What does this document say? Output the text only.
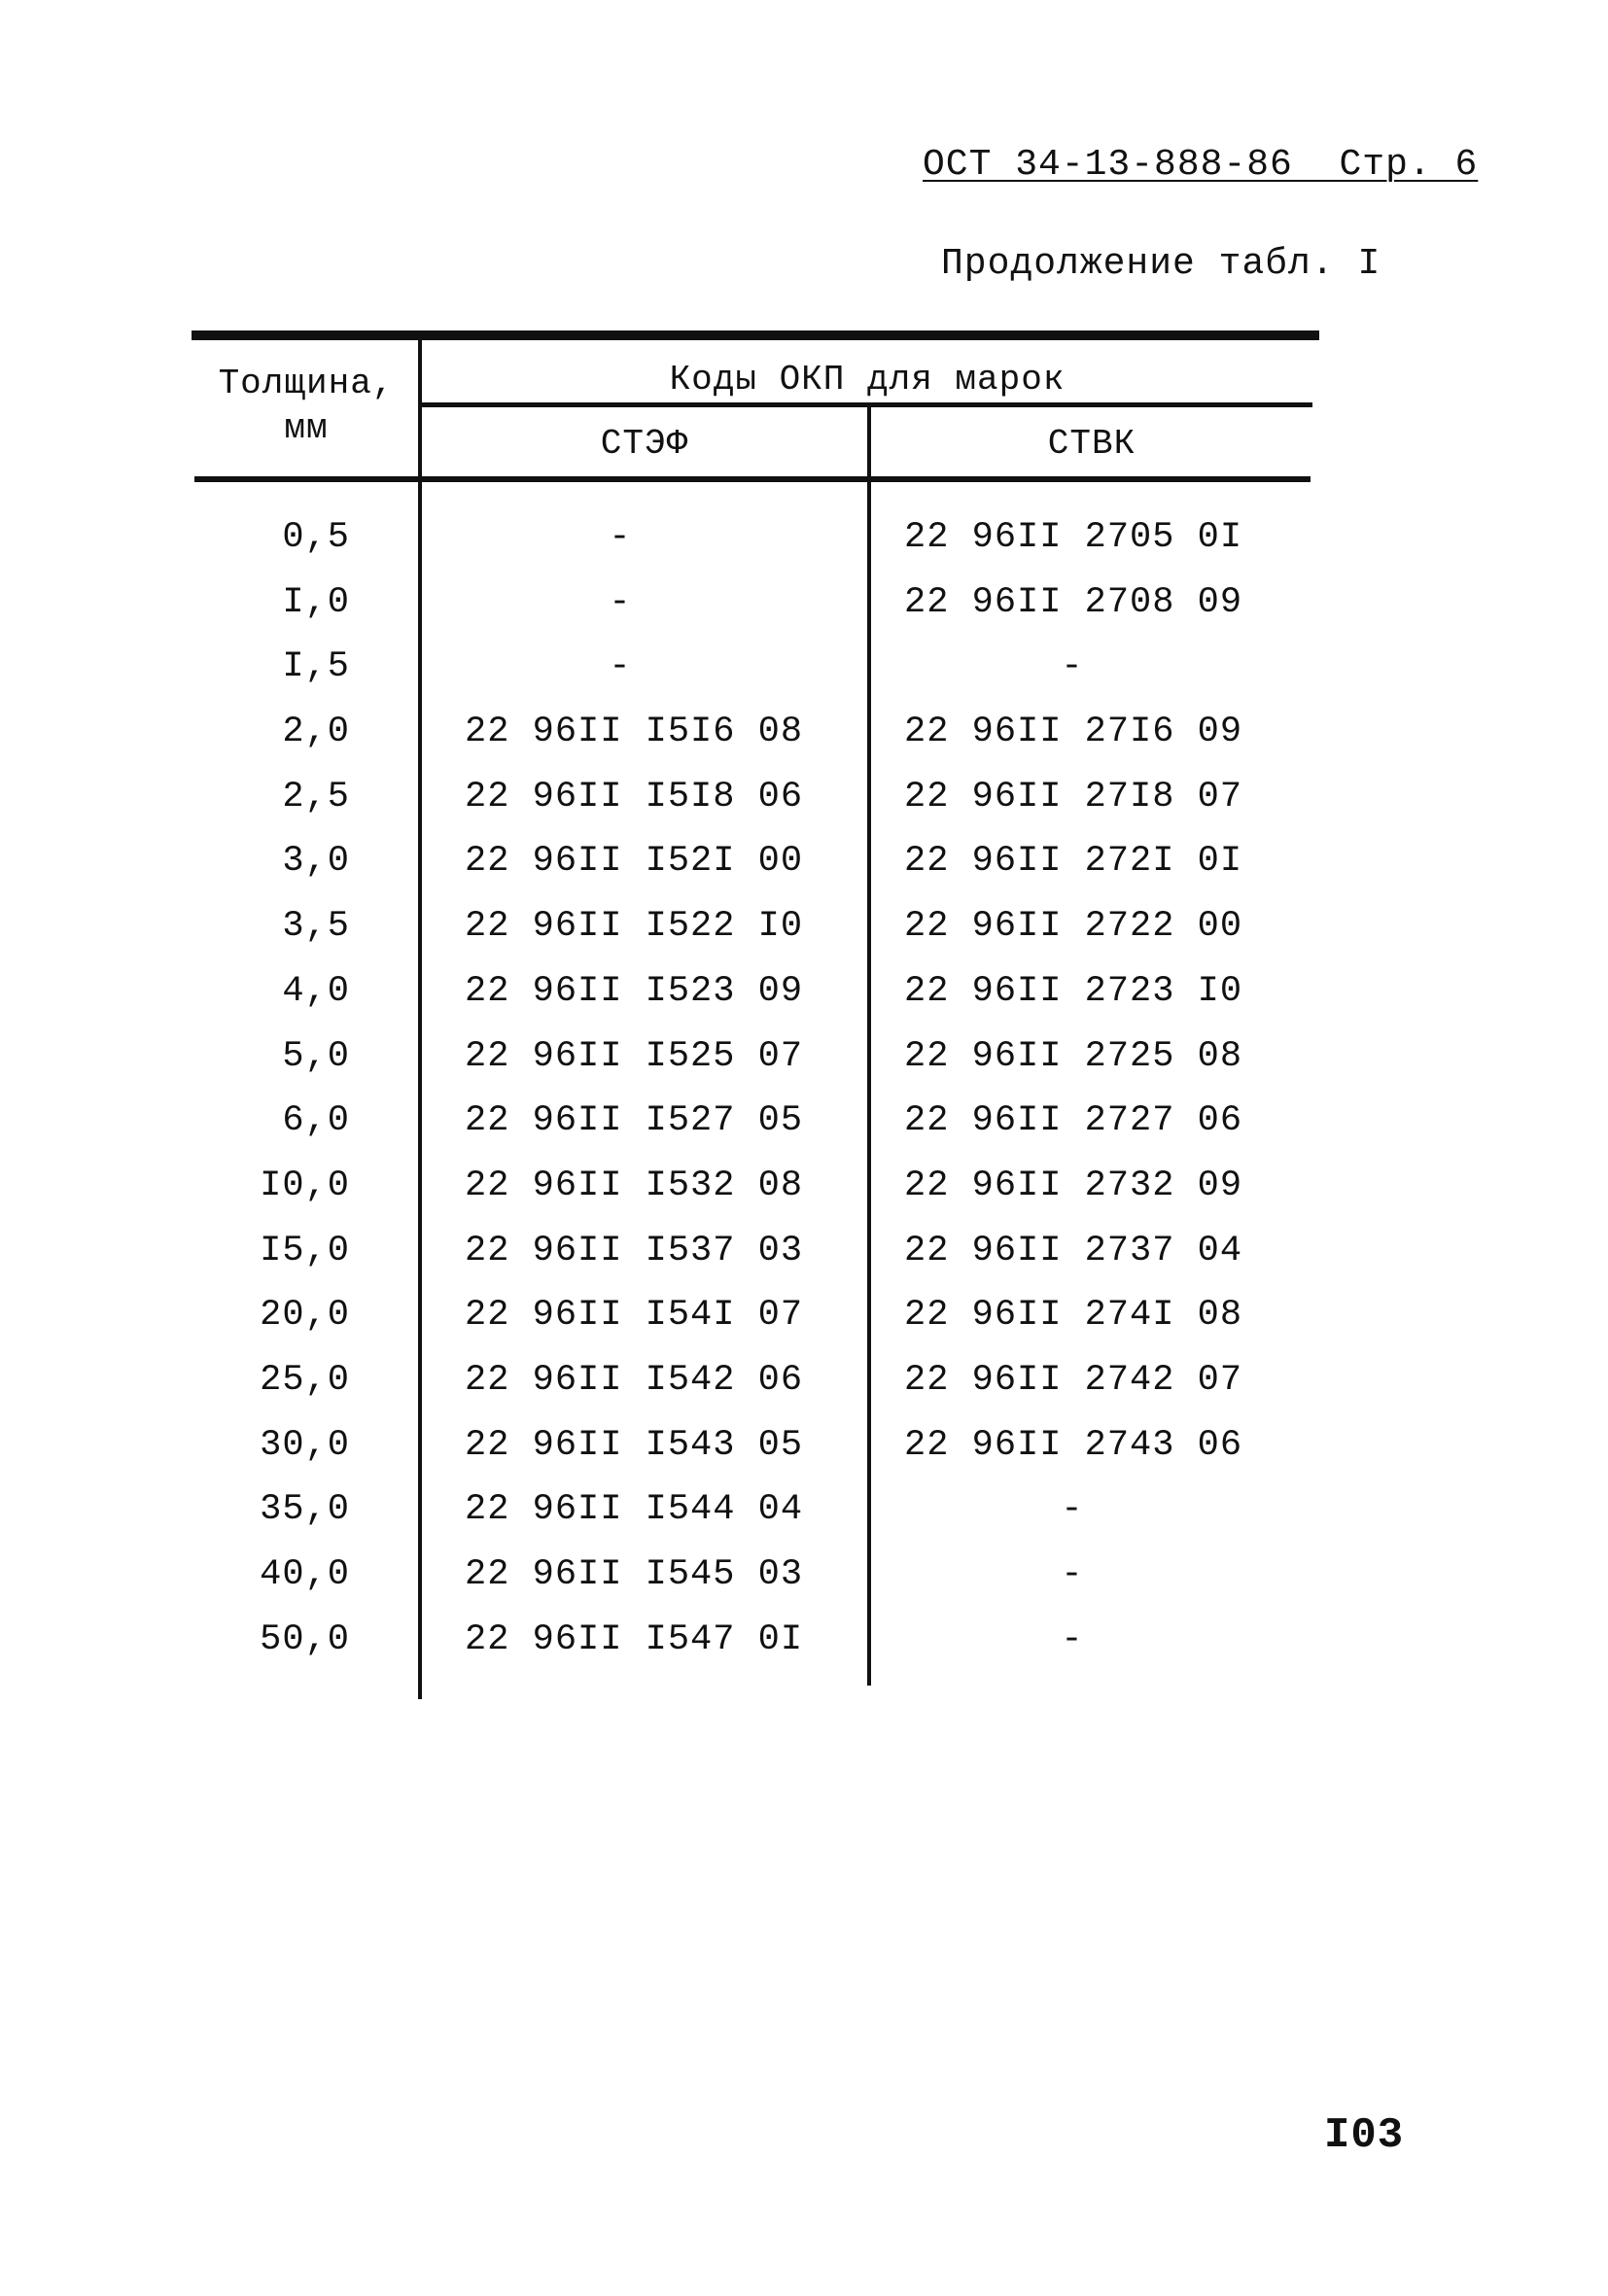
ОСТ 34-13-888-86  Стр. 6
Продолжение табл. I
Толщина,
мм
Коды ОКП для марок
СТЭФ	СТВК
0,5	-	22 96II 2705 0I
I,0	-	22 96II 2708 09
I,5	-	-
2,0	22 96II I5I6 08	22 96II 27I6 09
2,5	22 96II I5I8 06	22 96II 27I8 07
3,0	22 96II I52I 00	22 96II 272I 0I
3,5	22 96II I522 I0	22 96II 2722 00
4,0	22 96II I523 09	22 96II 2723 I0
5,0	22 96II I525 07	22 96II 2725 08
6,0	22 96II I527 05	22 96II 2727 06
I0,0	22 96II I532 08	22 96II 2732 09
I5,0	22 96II I537 03	22 96II 2737 04
20,0	22 96II I54I 07	22 96II 274I 08
25,0	22 96II I542 06	22 96II 2742 07
30,0	22 96II I543 05	22 96II 2743 06
35,0	22 96II I544 04	-
40,0	22 96II I545 03	-
50,0	22 96II I547 0I	-
I03
